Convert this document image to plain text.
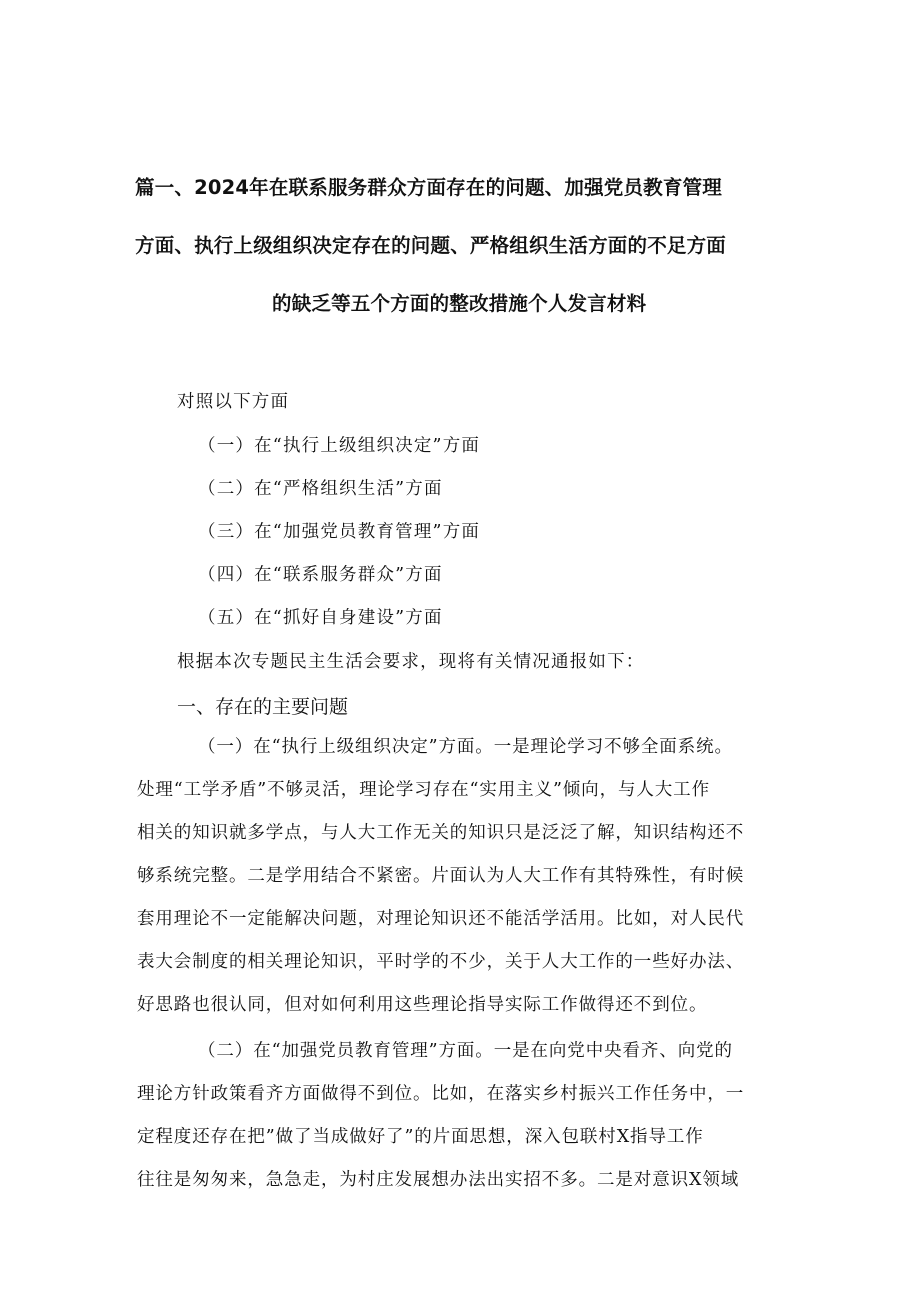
篇一、2024年在联系服务群众方面存在的问题、加强党员教育管理
方面、执行上级组织决定存在的问题、严格组织生活方面的不足方面
的缺乏等五个方面的整改措施个人发言材料
对照以下方面
（一）在“执行上级组织决定”方面
（二）在“严格组织生活”方面
（三）在“加强党员教育管理”方面
（四）在“联系服务群众”方面
（五）在“抓好自身建设”方面
根据本次专题民主生活会要求，现将有关情况通报如下：
一、存在的主要问题
（一）在“执行上级组织决定”方面。一是理论学习不够全面系统。
处理“工学矛盾”不够灵活，理论学习存在“实用主义”倾向，与人大工作
相关的知识就多学点，与人大工作无关的知识只是泛泛了解，知识结构还不
够系统完整。二是学用结合不紧密。片面认为人大工作有其特殊性，有时候
套用理论不一定能解决问题，对理论知识还不能活学活用。比如，对人民代
表大会制度的相关理论知识，平时学的不少，关于人大工作的一些好办法、
好思路也很认同，但对如何利用这些理论指导实际工作做得还不到位。
（二）在“加强党员教育管理”方面。一是在向党中央看齐、向党的
理论方针政策看齐方面做得不到位。比如，在落实乡村振兴工作任务中，一
定程度还存在把”做了当成做好了”的片面思想，深入包联村X指导工作
往往是匆匆来，急急走，为村庄发展想办法出实招不多。二是对意识X领域
